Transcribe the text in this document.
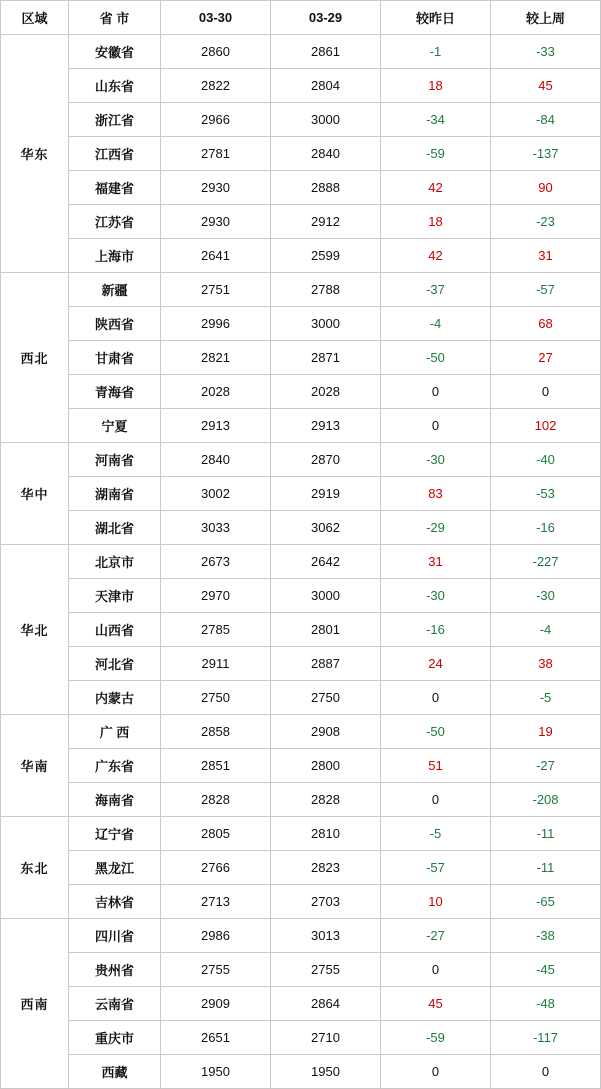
区域	省 市	03-30	03-29	较昨日	较上周
华东	安徽省	2860	2861	-1	-33
	山东省	2822	2804	18	45
	浙江省	2966	3000	-34	-84
	江西省	2781	2840	-59	-137
	福建省	2930	2888	42	90
	江苏省	2930	2912	18	-23
	上海市	2641	2599	42	31
西北	新疆	2751	2788	-37	-57
	陕西省	2996	3000	-4	68
	甘肃省	2821	2871	-50	27
	青海省	2028	2028	0	0
	宁夏	2913	2913	0	102
华中	河南省	2840	2870	-30	-40
	湖南省	3002	2919	83	-53
	湖北省	3033	3062	-29	-16
华北	北京市	2673	2642	31	-227
	天津市	2970	3000	-30	-30
	山西省	2785	2801	-16	-4
	河北省	2911	2887	24	38
	内蒙古	2750	2750	0	-5
华南	广 西	2858	2908	-50	19
	广东省	2851	2800	51	-27
	海南省	2828	2828	0	-208
东北	辽宁省	2805	2810	-5	-11
	黑龙江	2766	2823	-57	-11
	吉林省	2713	2703	10	-65
西南	四川省	2986	3013	-27	-38
	贵州省	2755	2755	0	-45
	云南省	2909	2864	45	-48
	重庆市	2651	2710	-59	-117
	西藏	1950	1950	0	0
